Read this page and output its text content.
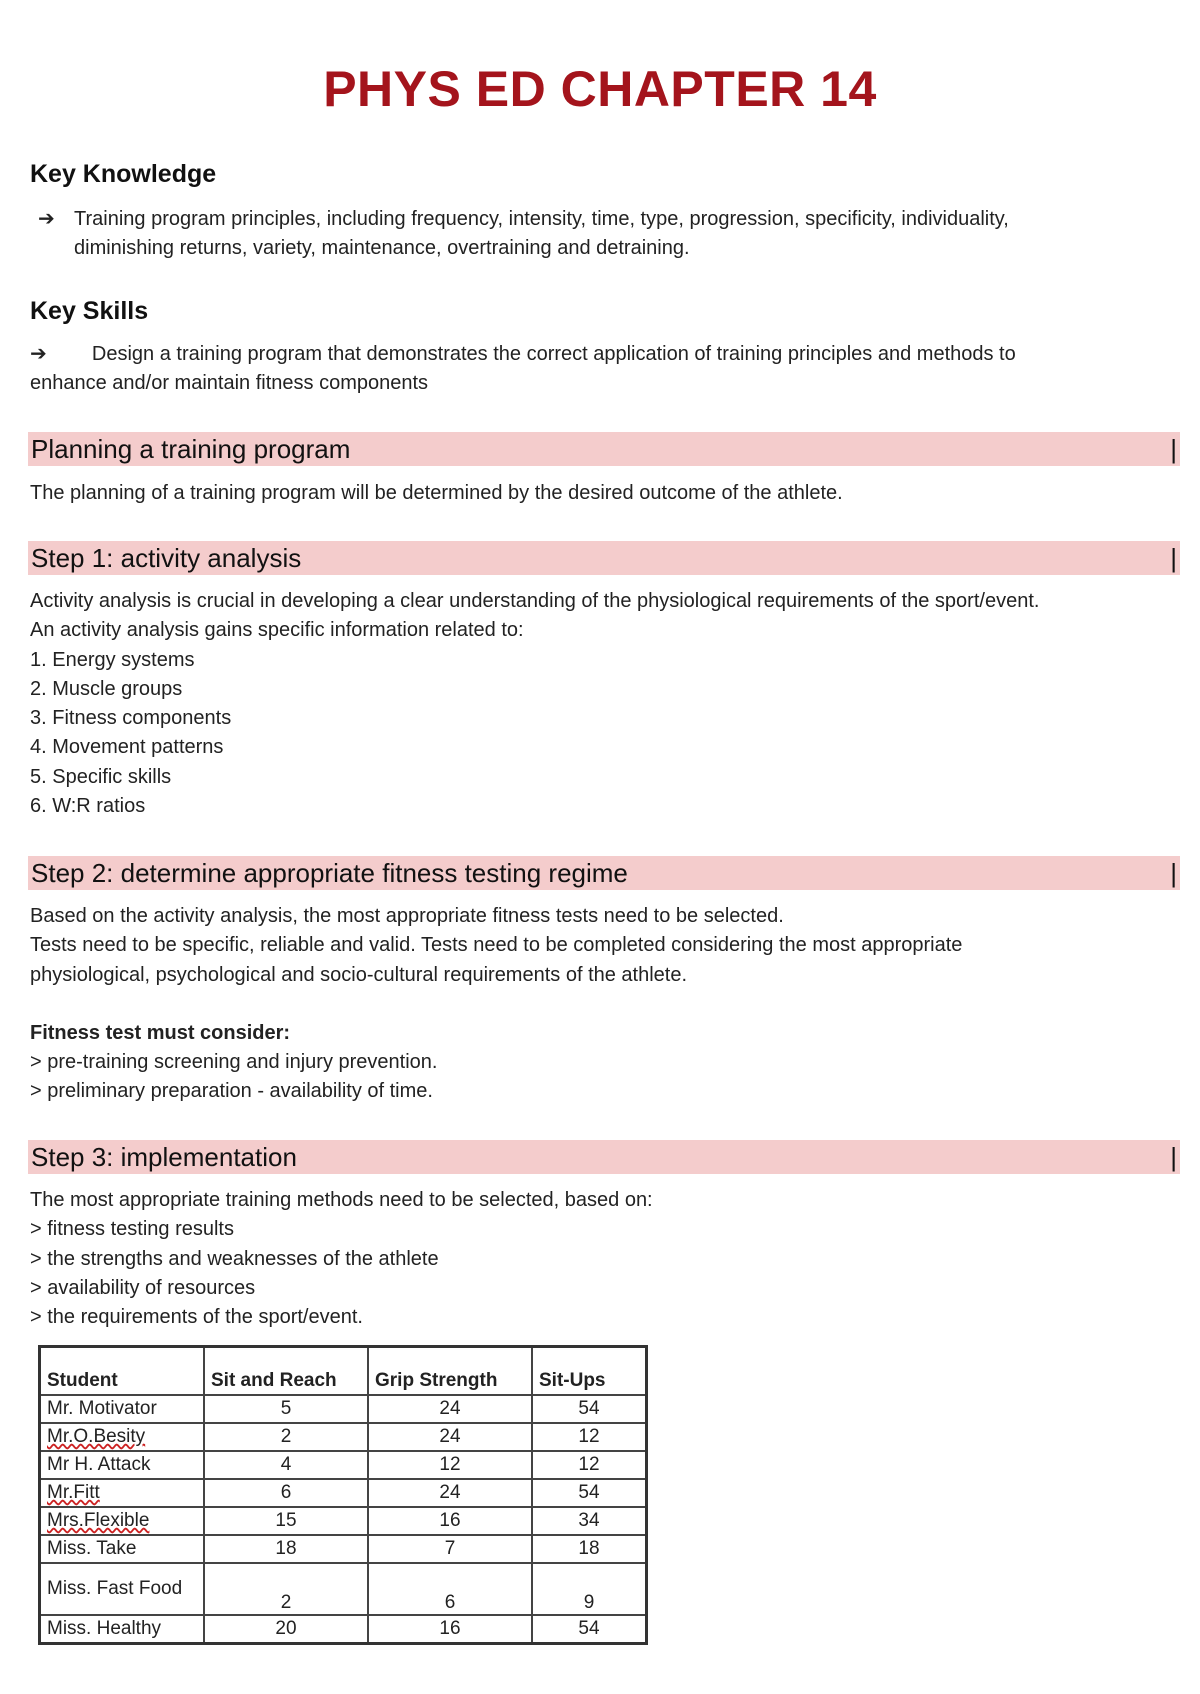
PHYS ED CHAPTER 14
Key Knowledge
➔ Training program principles, including frequency, intensity, time, type, progression, specificity, individuality,
diminishing returns, variety, maintenance, overtraining and detraining.
Key Skills
➔ Design a training program that demonstrates the correct application of training principles and methods to
enhance and/or maintain fitness components
Planning a training program	|
The planning of a training program will be determined by the desired outcome of the athlete.
Step 1: activity analysis	|
Activity analysis is crucial in developing a clear understanding of the physiological requirements of the sport/event.
An activity analysis gains specific information related to:
1. Energy systems
2. Muscle groups
3. Fitness components
4. Movement patterns
5. Specific skills
6. W:R ratios
Step 2: determine appropriate fitness testing regime	|
Based on the activity analysis, the most appropriate fitness tests need to be selected.
Tests need to be specific, reliable and valid. Tests need to be completed considering the most appropriate
physiological, psychological and socio-cultural requirements of the athlete.
Fitness test must consider:
> pre-training screening and injury prevention.
> preliminary preparation - availability of time.
Step 3: implementation	|
The most appropriate training methods need to be selected, based on:
> fitness testing results
> the strengths and weaknesses of the athlete
> availability of resources
> the requirements of the sport/event.
Student	Sit and Reach	Grip Strength	Sit-Ups
Mr. Motivator	5	24	54
Mr.O.Besity	2	24	12
Mr H. Attack	4	12	12
Mr.Fitt	6	24	54
Mrs.Flexible	15	16	34
Miss. Take	18	7	18
Miss. Fast Food	2	6	9
Miss. Healthy	20	16	54
